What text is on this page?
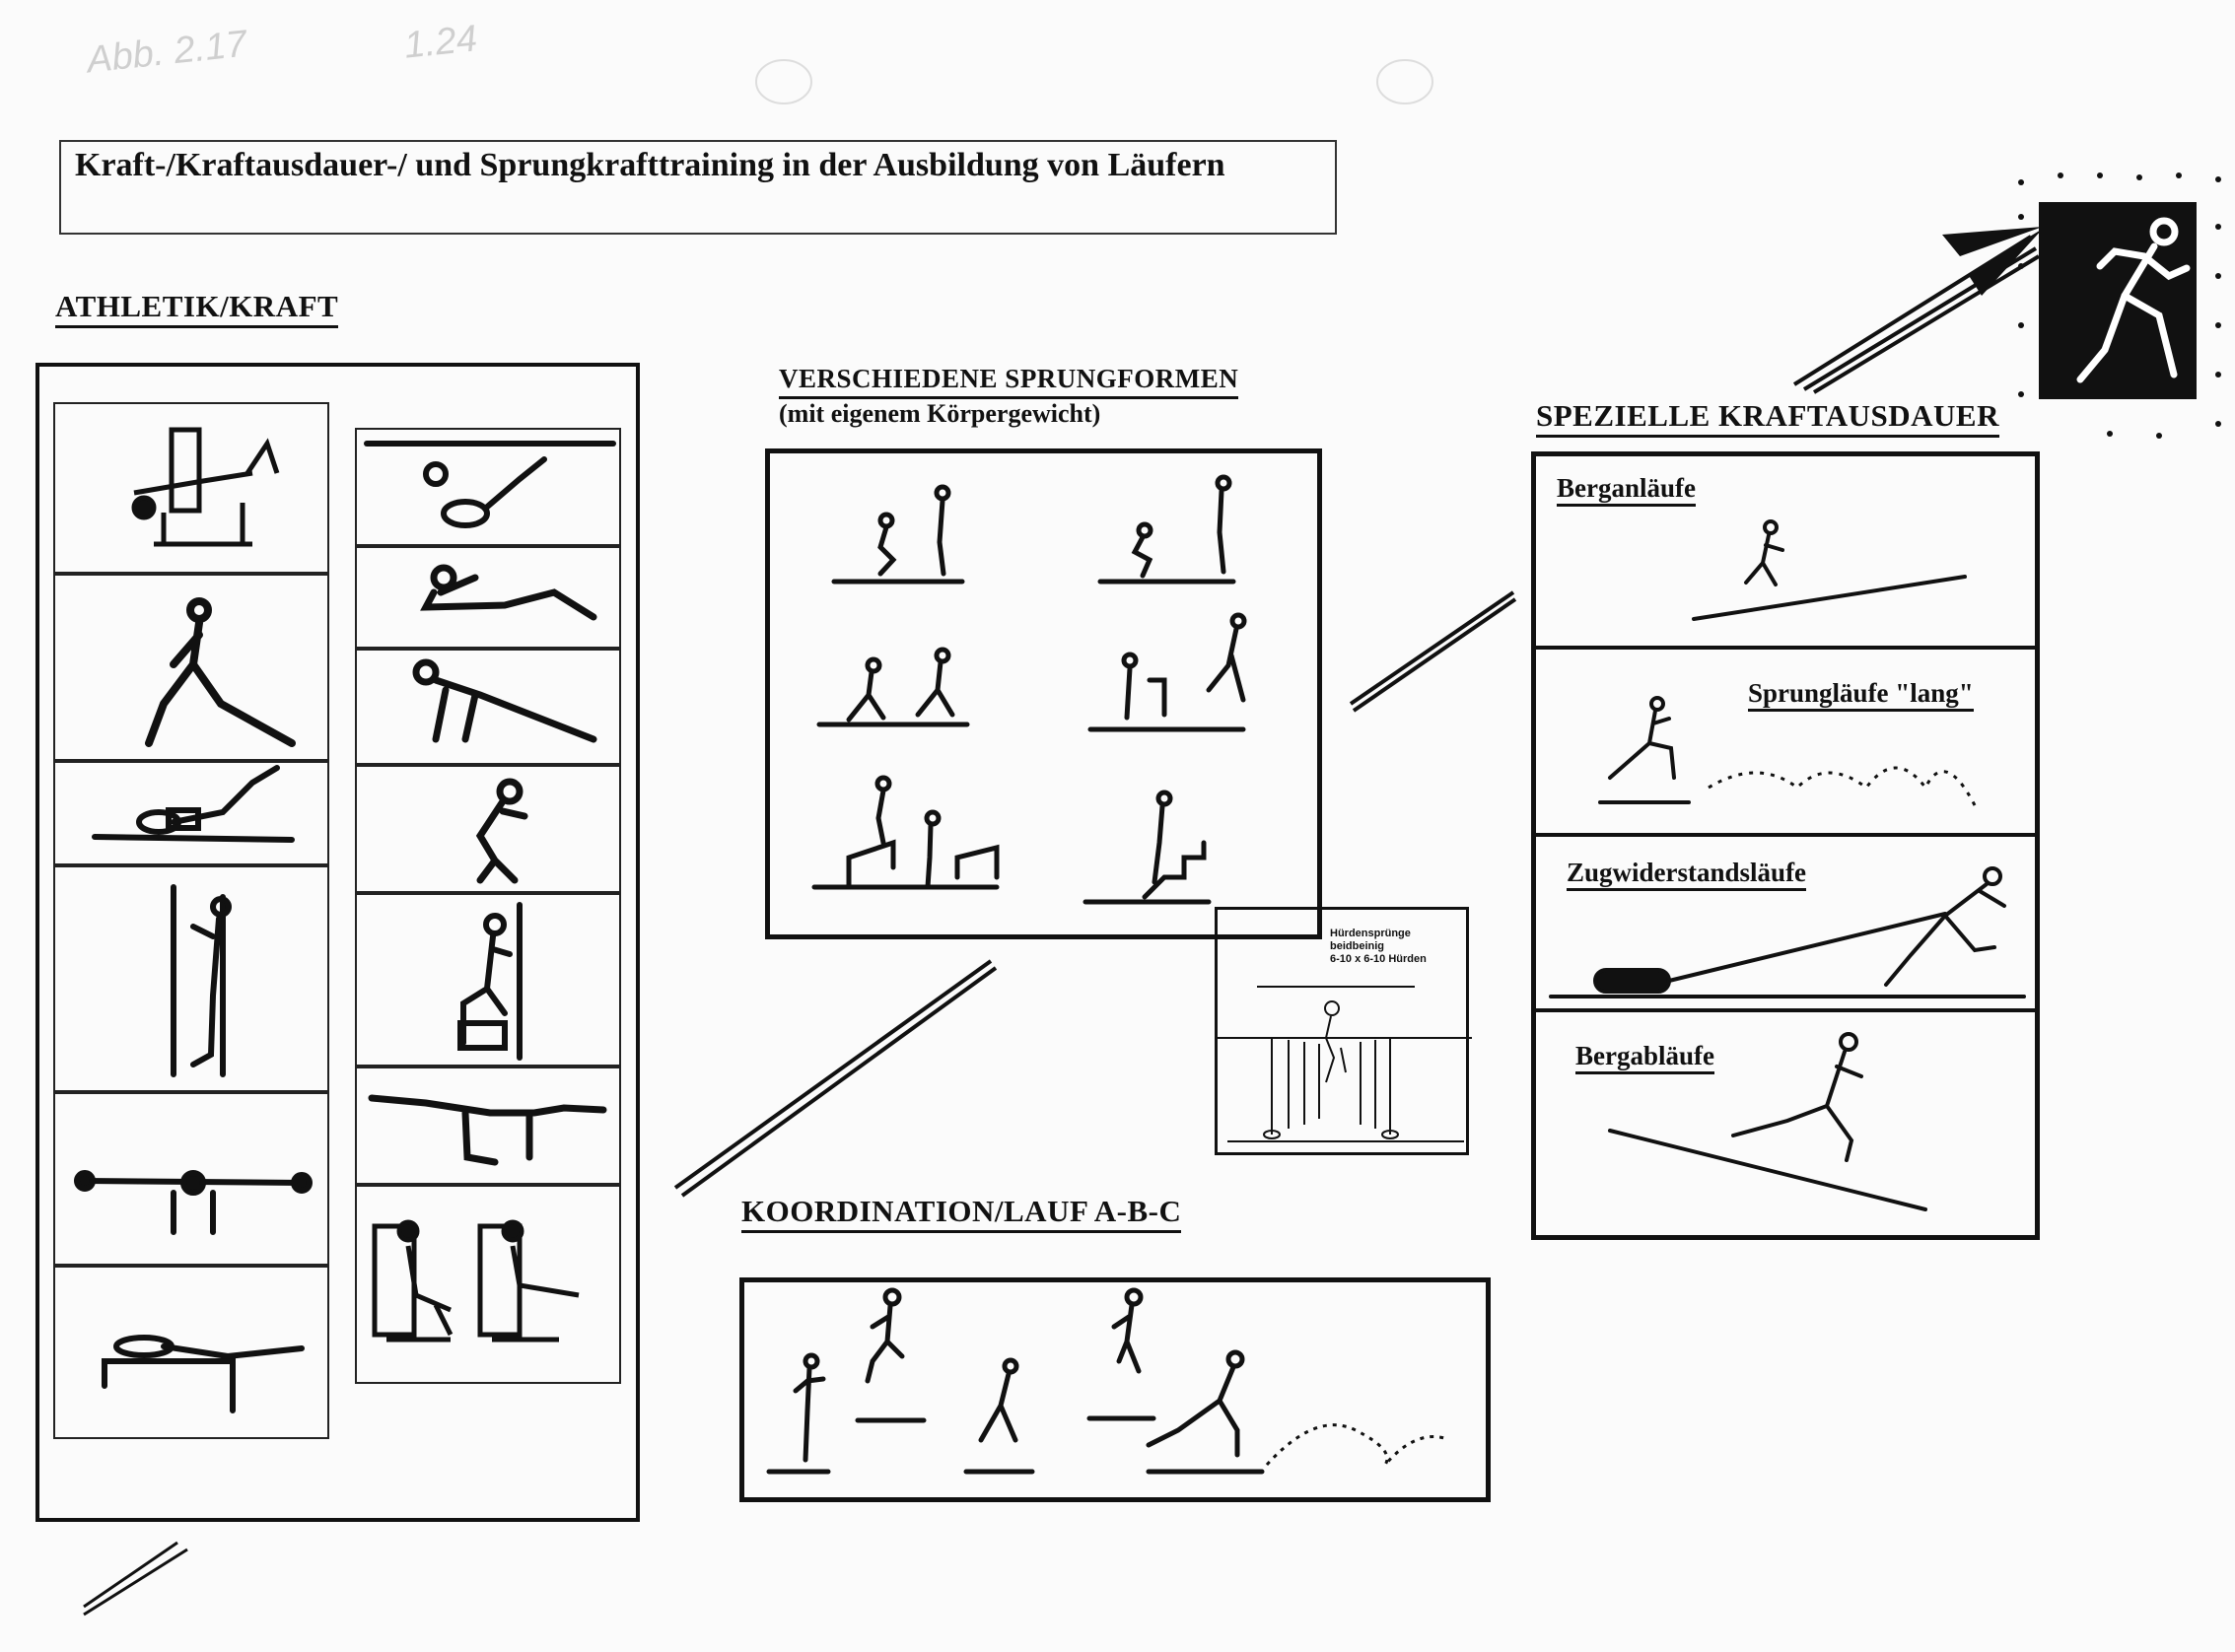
Abb. 2.17	1.24
Kraft-/Kraftausdauer-/ und Sprungkrafttraining in der Ausbildung von Läufern
ATHLETIK/KRAFT
VERSCHIEDENE SPRUNGFORMEN
(mit eigenem Körpergewicht)
Hürdensprünge
beidbeinig
6-10 x 6-10 Hürden
KOORDINATION/LAUF A-B-C
SPEZIELLE KRAFTAUSDAUER
Berganläufe
Sprungläufe "lang"
Zugwiderstandsläufe
Bergabläufe
